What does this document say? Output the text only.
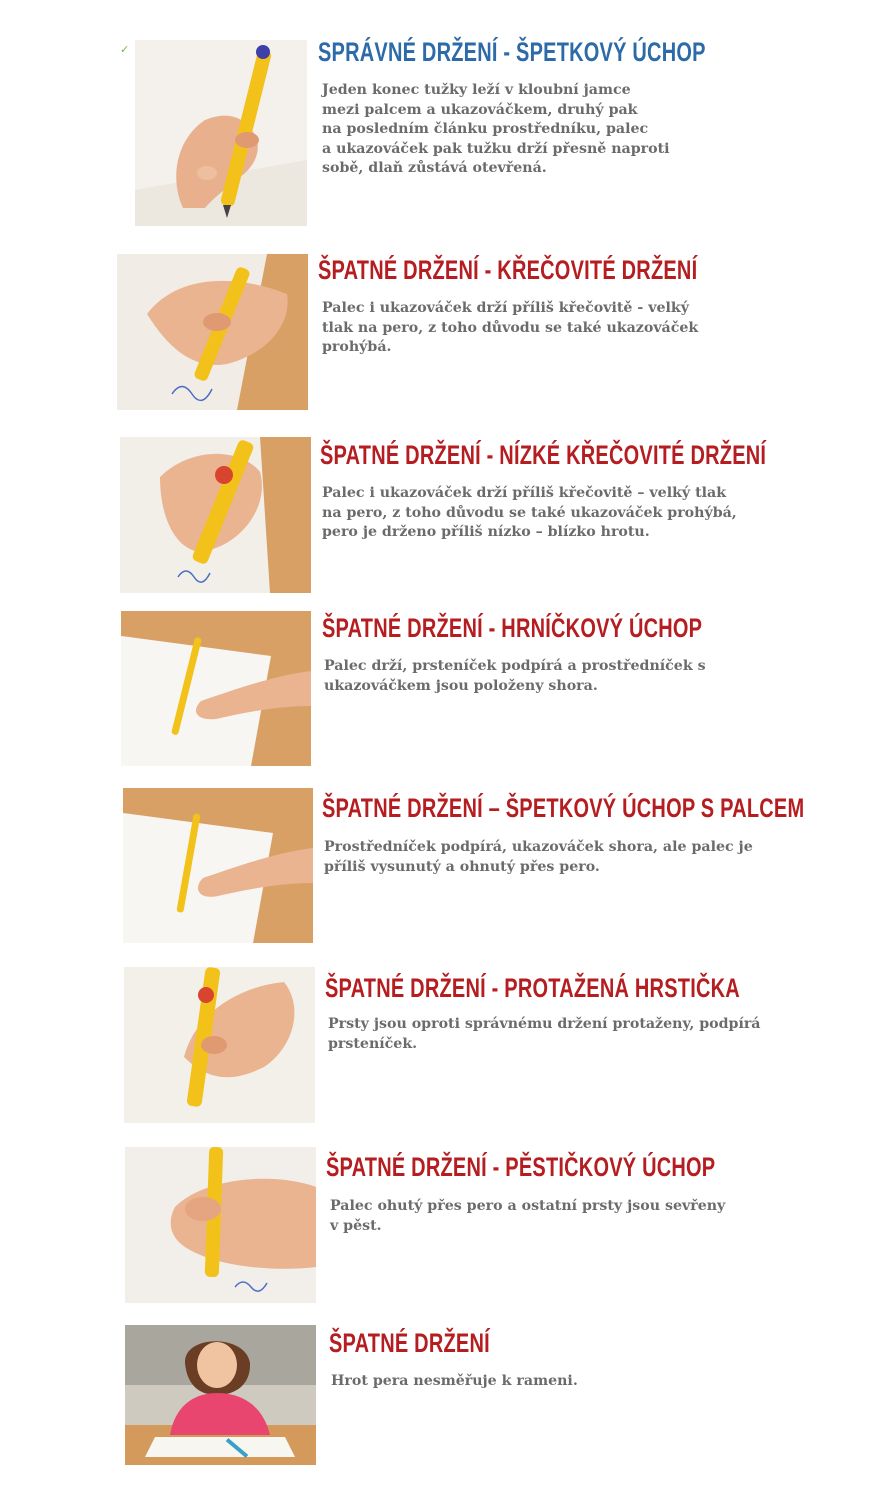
✓	SPRÁVNÉ DRŽENÍ - ŠPETKOVÝ ÚCHOP

Jeden konec tužky leží v kloubní jamce
mezi palcem a ukazováčkem, druhý pak
na posledním článku prostředníku, palec
a ukazováček pak tužku drží přesně naproti
sobě, dlaň zůstává otevřená.

ŠPATNÉ DRŽENÍ - KŘEČOVITÉ DRŽENÍ

Palec i ukazováček drží příliš křečovitě - velký
tlak na pero, z toho důvodu se také ukazováček
prohýbá.

ŠPATNÉ DRŽENÍ - NÍZKÉ KŘEČOVITÉ DRŽENÍ

Palec i ukazováček drží příliš křečovitě – velký tlak
na pero, z toho důvodu se také ukazováček prohýbá,
pero je drženo příliš nízko – blízko hrotu.

ŠPATNÉ DRŽENÍ - HRNÍČKOVÝ ÚCHOP

Palec drží, prsteníček podpírá a prostředníček s
ukazováčkem jsou položeny shora.

ŠPATNÉ DRŽENÍ – ŠPETKOVÝ ÚCHOP S PALCEM

Prostředníček podpírá, ukazováček shora, ale palec je
příliš vysunutý a ohnutý přes pero.

ŠPATNÉ DRŽENÍ - PROTAŽENÁ HRSTIČKA

Prsty jsou oproti správnému držení protaženy, podpírá
prsteníček.

ŠPATNÉ DRŽENÍ - PĚSTIČKOVÝ ÚCHOP

Palec ohutý přes pero a ostatní prsty jsou sevřeny
v pěst.

ŠPATNÉ DRŽENÍ

Hrot pera nesměřuje k rameni.
